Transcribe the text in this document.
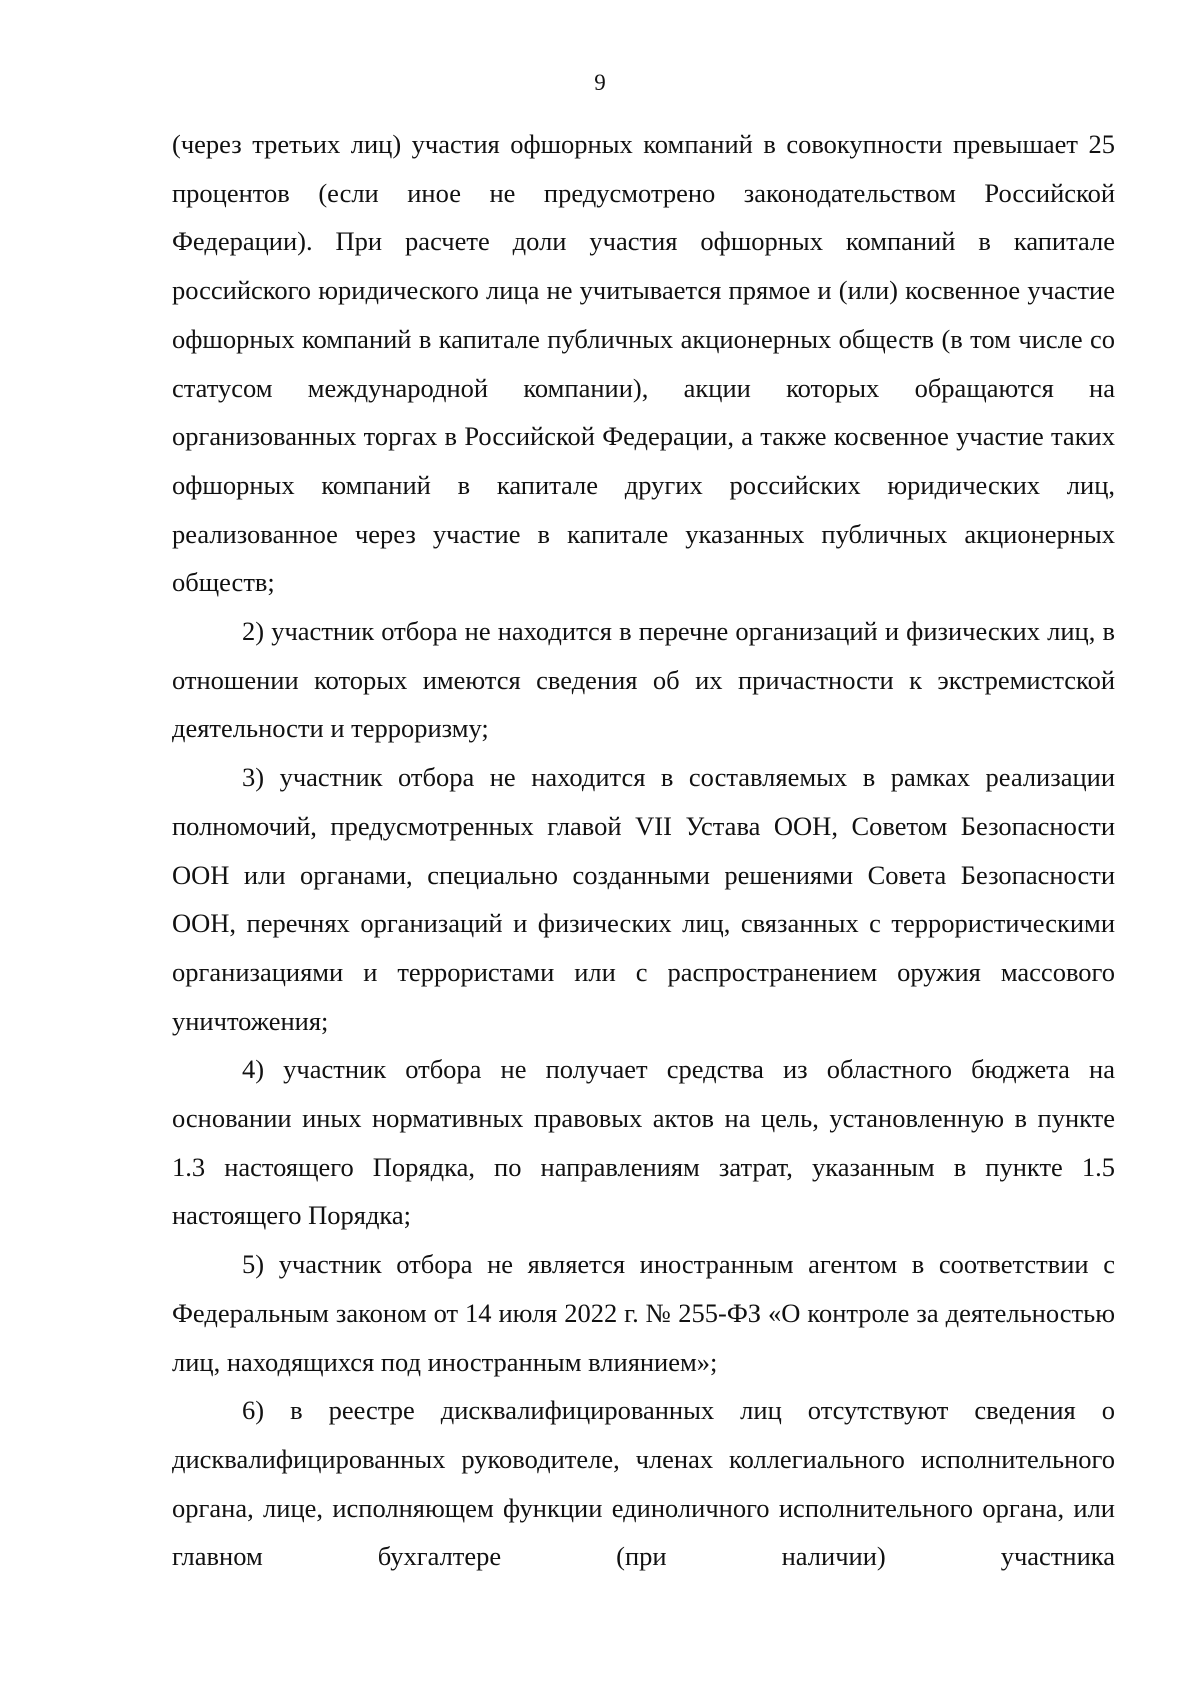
9

(через третьих лиц) участия офшорных компаний в совокупности превышает 25 процентов (если иное не предусмотрено законодательством Российской Федерации). При расчете доли участия офшорных компаний в капитале российского юридического лица не учитывается прямое и (или) косвенное участие офшорных компаний в капитале публичных акционерных обществ (в том числе со статусом международной компании), акции которых обращаются на организованных торгах в Российской Федерации, а также косвенное участие таких офшорных компаний в капитале других российских юридических лиц, реализованное через участие в капитале указанных публичных акционерных обществ;

2) участник отбора не находится в перечне организаций и физических лиц, в отношении которых имеются сведения об их причастности к экстремистской деятельности и терроризму;

3) участник отбора не находится в составляемых в рамках реализации полномочий, предусмотренных главой VII Устава ООН, Советом Безопасности ООН или органами, специально созданными решениями Совета Безопасности ООН, перечнях организаций и физических лиц, связанных с террористическими организациями и террористами или с распространением оружия массового уничтожения;

4) участник отбора не получает средства из областного бюджета на основании иных нормативных правовых актов на цель, установленную в пункте 1.3 настоящего Порядка, по направлениям затрат, указанным в пункте 1.5 настоящего Порядка;

5) участник отбора не является иностранным агентом в соответствии с Федеральным законом от 14 июля 2022 г. № 255-ФЗ «О контроле за деятельностью лиц, находящихся под иностранным влиянием»;

6) в реестре дисквалифицированных лиц отсутствуют сведения о дисквалифицированных руководителе, членах коллегиального исполнительного органа, лице, исполняющем функции единоличного исполнительного органа, или главном бухгалтере (при наличии) участника
